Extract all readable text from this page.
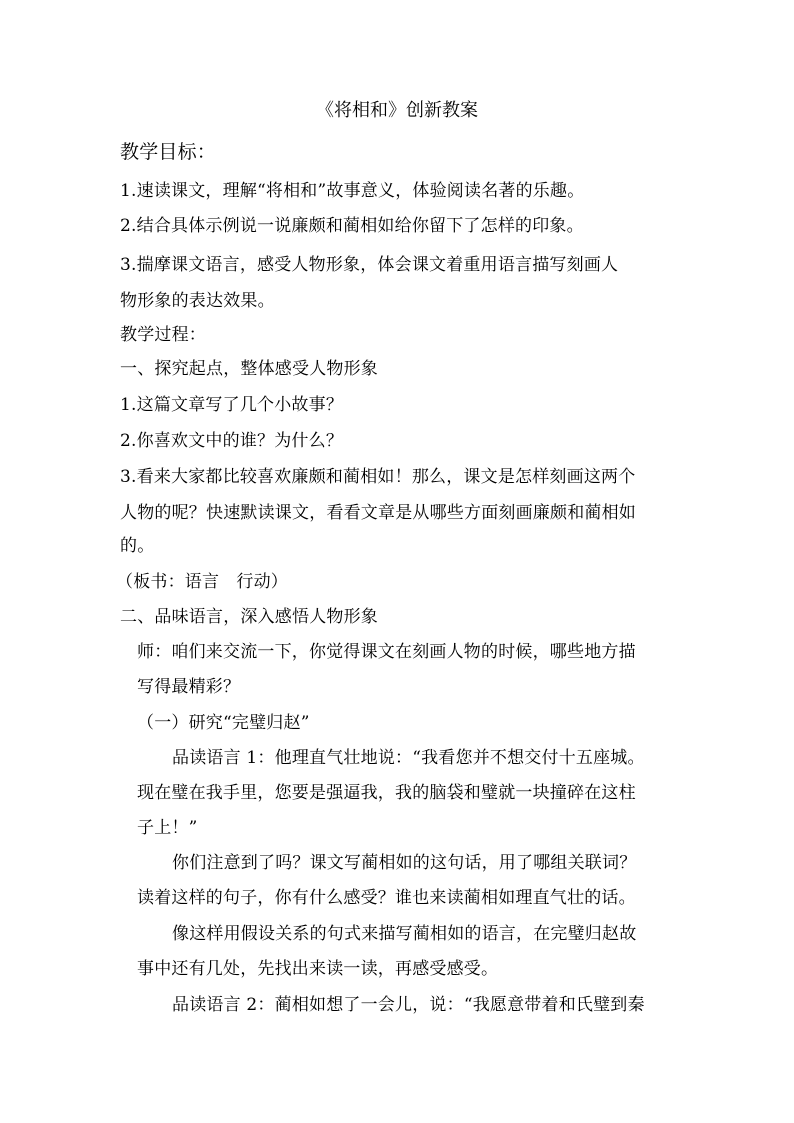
《将相和》创新教案
教学目标：
1.速读课文，理解“将相和”故事意义，体验阅读名著的乐趣。
2.结合具体示例说一说廉颇和蔺相如给你留下了怎样的印象。
3.揣摩课文语言，感受人物形象，体会课文着重用语言描写刻画人
物形象的表达效果。
教学过程：
一、探究起点，整体感受人物形象
1.这篇文章写了几个小故事？
2.你喜欢文中的谁？为什么？
3.看来大家都比较喜欢廉颇和蔺相如！那么，课文是怎样刻画这两个
人物的呢？快速默读课文，看看文章是从哪些方面刻画廉颇和蔺相如
的。
（板书：语言　行动）
二、品味语言，深入感悟人物形象
师：咱们来交流一下，你觉得课文在刻画人物的时候，哪些地方描
写得最精彩？
（一）研究“完璧归赵”
品读语言 1：他理直气壮地说：“我看您并不想交付十五座城。
现在璧在我手里，您要是强逼我，我的脑袋和璧就一块撞碎在这柱
子上！”
你们注意到了吗？课文写蔺相如的这句话，用了哪组关联词？
读着这样的句子，你有什么感受？谁也来读蔺相如理直气壮的话。
像这样用假设关系的句式来描写蔺相如的语言，在完璧归赵故
事中还有几处，先找出来读一读，再感受感受。
品读语言 2：蔺相如想了一会儿，说：“我愿意带着和氏璧到秦
